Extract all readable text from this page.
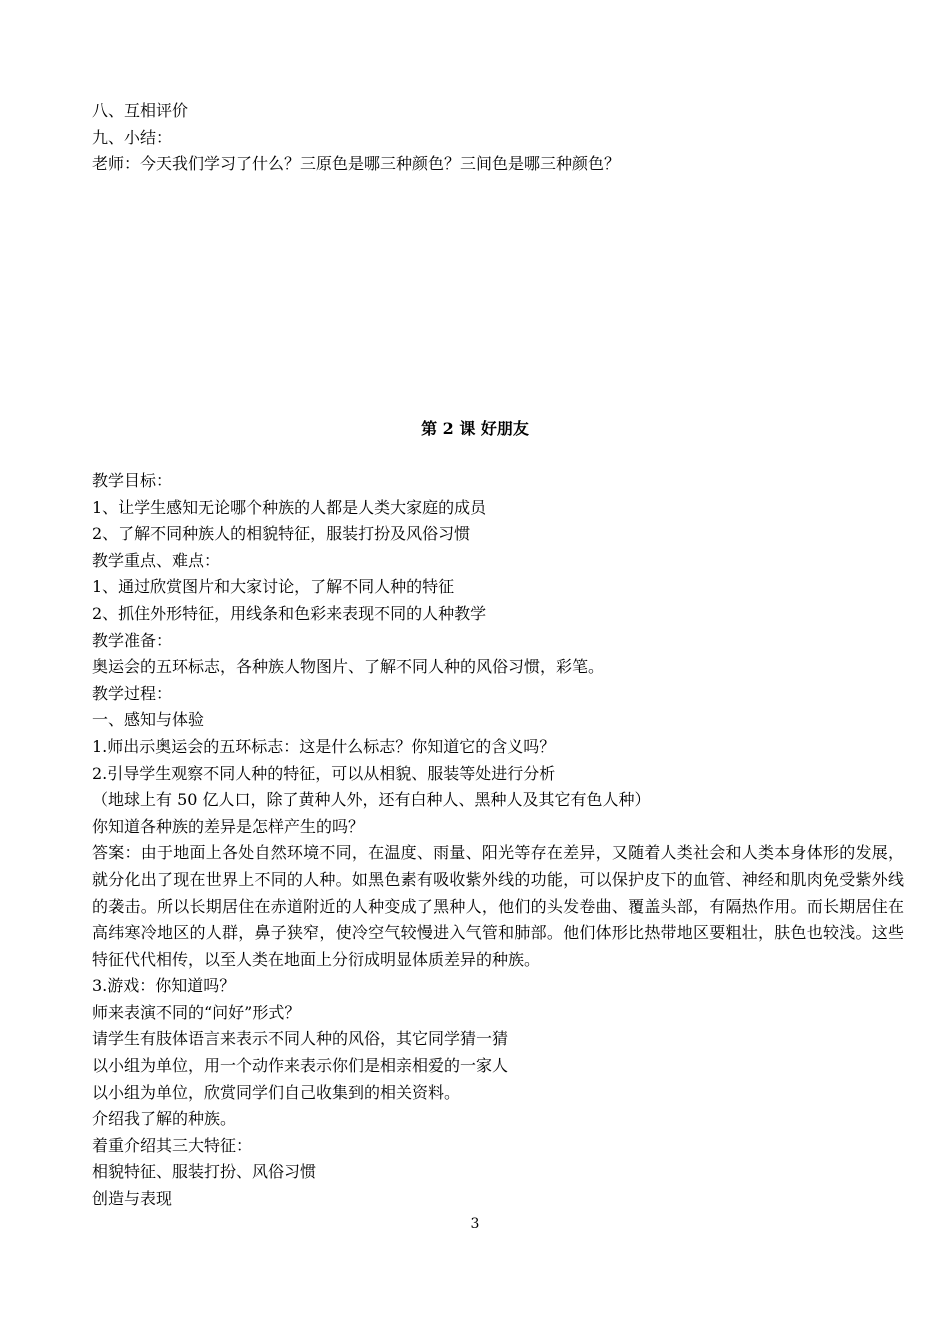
八、互相评价
九、小结：
老师：今天我们学习了什么？三原色是哪三种颜色？三间色是哪三种颜色？
第 2 课 好朋友
教学目标：
1、让学生感知无论哪个种族的人都是人类大家庭的成员
2、了解不同种族人的相貌特征，服装打扮及风俗习惯
教学重点、难点：
1、通过欣赏图片和大家讨论，了解不同人种的特征
2、抓住外形特征，用线条和色彩来表现不同的人种教学
教学准备：
奥运会的五环标志，各种族人物图片、了解不同人种的风俗习惯，彩笔。
教学过程：
一、感知与体验
1.师出示奥运会的五环标志：这是什么标志？你知道它的含义吗？
2.引导学生观察不同人种的特征，可以从相貌、服装等处进行分析
（地球上有 50 亿人口，除了黄种人外，还有白种人、黑种人及其它有色人种）
你知道各种族的差异是怎样产生的吗？
答案：由于地面上各处自然环境不同，在温度、雨量、阳光等存在差异，又随着人类社会和人类本身体形的发展，就分化出了现在世界上不同的人种。如黑色素有吸收紫外线的功能，可以保护皮下的血管、神经和肌肉免受紫外线的袭击。所以长期居住在赤道附近的人种变成了黑种人，他们的头发卷曲、覆盖头部，有隔热作用。而长期居住在高纬寒冷地区的人群，鼻子狭窄，使冷空气较慢进入气管和肺部。他们体形比热带地区要粗壮，肤色也较浅。这些特征代代相传，以至人类在地面上分衍成明显体质差异的种族。
3.游戏：你知道吗？
师来表演不同的“问好”形式？
请学生有肢体语言来表示不同人种的风俗，其它同学猜一猜
以小组为单位，用一个动作来表示你们是相亲相爱的一家人
以小组为单位，欣赏同学们自己收集到的相关资料。
介绍我了解的种族。
着重介绍其三大特征：
相貌特征、服装打扮、风俗习惯
创造与表现
3
